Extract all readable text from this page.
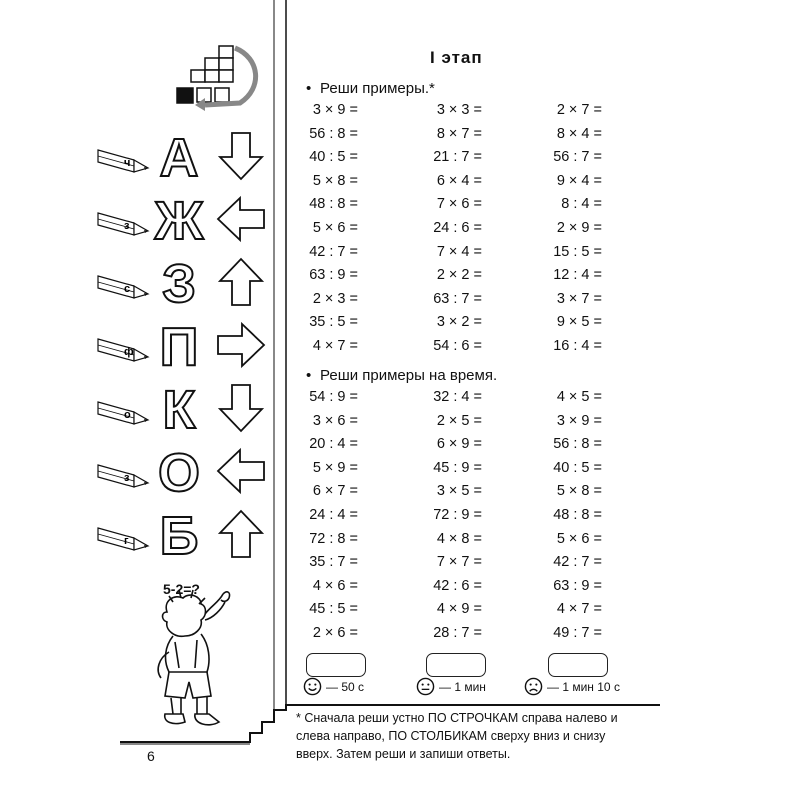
ч А
з Ж
с З
ф П
о К
з О
г Б
5-2=?
I этап
• Реши примеры.*
3 × 9 =	3 × 3 =	2 × 7 =
56 : 8 =	8 × 7 =	8 × 4 =
40 : 5 =	21 : 7 =	56 : 7 =
5 × 8 =	6 × 4 =	9 × 4 =
48 : 8 =	7 × 6 =	8 : 4 =
5 × 6 =	24 : 6 =	2 × 9 =
42 : 7 =	7 × 4 =	15 : 5 =
63 : 9 =	2 × 2 =	12 : 4 =
2 × 3 =	63 : 7 =	3 × 7 =
35 : 5 =	3 × 2 =	9 × 5 =
4 × 7 =	54 : 6 =	16 : 4 =
• Реши примеры на время.
54 : 9 =	32 : 4 =	4 × 5 =
3 × 6 =	2 × 5 =	3 × 9 =
20 : 4 =	6 × 9 =	56 : 8 =
5 × 9 =	45 : 9 =	40 : 5 =
6 × 7 =	3 × 5 =	5 × 8 =
24 : 4 =	72 : 9 =	48 : 8 =
72 : 8 =	4 × 8 =	5 × 6 =
35 : 7 =	7 × 7 =	42 : 7 =
4 × 6 =	42 : 6 =	63 : 9 =
45 : 5 =	4 × 9 =	4 × 7 =
2 × 6 =	28 : 7 =	49 : 7 =
— 50 с	— 1 мин	— 1 мин 10 с
* Сначала реши устно ПО СТРОЧКАМ справа налево и слева направо, ПО СТОЛБИКАМ сверху вниз и снизу вверх. Затем реши и запиши ответы.
6
